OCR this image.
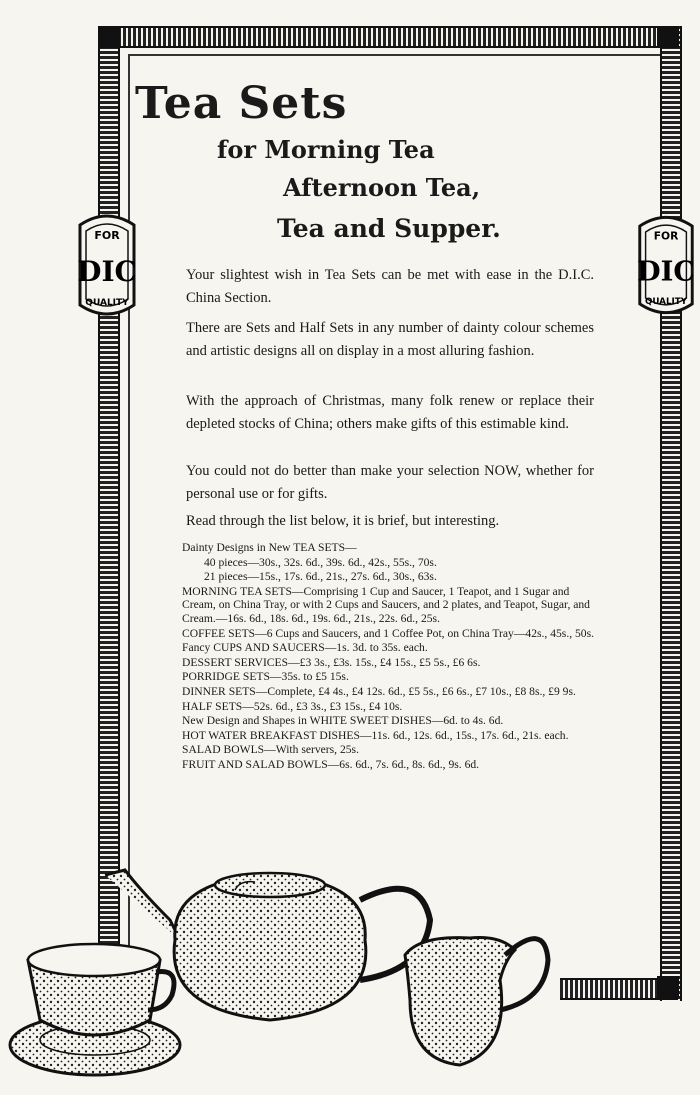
FOR
DIC
QUALITY
FOR
DIC
QUALITY
Tea Sets
for Morning Tea
Afternoon Tea,
Tea and Supper.

Your slightest wish in Tea Sets can be met with ease in the D.I.C. China Section.

There are Sets and Half Sets in any number of dainty colour schemes and artistic designs all on display in a most alluring fashion.

With the approach of Christmas, many folk renew or replace their depleted stocks of China; others make gifts of this estimable kind.

You could not do better than make your selection NOW, whether for personal use or for gifts.

Read through the list below, it is brief, but interesting.

Dainty Designs in New TEA SETS—
40 pieces—30s., 32s. 6d., 39s. 6d., 42s., 55s., 70s.
21 pieces—15s., 17s. 6d., 21s., 27s. 6d., 30s., 63s.
MORNING TEA SETS—Comprising 1 Cup and Saucer, 1 Teapot, and 1 Sugar and Cream, on China Tray, or with 2 Cups and Saucers, and 2 plates, and Teapot, Sugar, and Cream.—16s. 6d., 18s. 6d., 19s. 6d., 21s., 22s. 6d., 25s.
COFFEE SETS—6 Cups and Saucers, and 1 Coffee Pot, on China Tray—42s., 45s., 50s.
Fancy CUPS AND SAUCERS—1s. 3d. to 35s. each.
DESSERT SERVICES—£3 3s., £3s. 15s., £4 15s., £5 5s., £6 6s.
PORRIDGE SETS—35s. to £5 15s.
DINNER SETS—Complete, £4 4s., £4 12s. 6d., £5 5s., £6 6s., £7 10s., £8 8s., £9 9s.
HALF SETS—52s. 6d., £3 3s., £3 15s., £4 10s.
New Design and Shapes in WHITE SWEET DISHES—6d. to 4s. 6d.
HOT WATER BREAKFAST DISHES—11s. 6d., 12s. 6d., 15s., 17s. 6d., 21s. each.
SALAD BOWLS—With servers, 25s.
FRUIT AND SALAD BOWLS—6s. 6d., 7s. 6d., 8s. 6d., 9s. 6d.
